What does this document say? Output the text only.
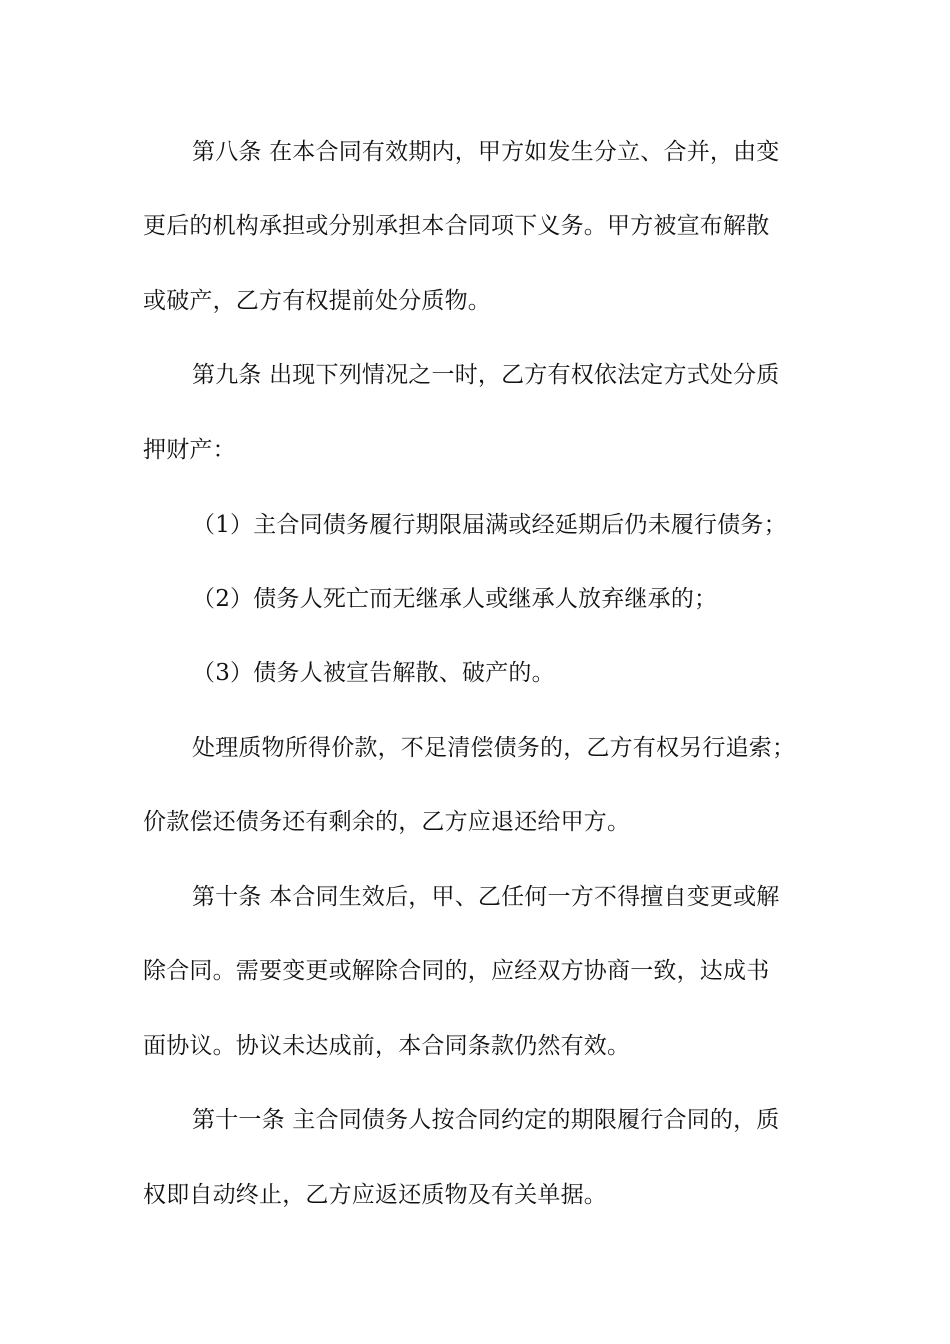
第八条 在本合同有效期内，甲方如发生分立、合并，由变
更后的机构承担或分别承担本合同项下义务。甲方被宣布解散
或破产，乙方有权提前处分质物。
第九条 出现下列情况之一时，乙方有权依法定方式处分质
押财产：
（1）主合同债务履行期限届满或经延期后仍未履行债务；
（2）债务人死亡而无继承人或继承人放弃继承的；
（3）债务人被宣告解散、破产的。
处理质物所得价款，不足清偿债务的，乙方有权另行追索；
价款偿还债务还有剩余的，乙方应退还给甲方。
第十条 本合同生效后，甲、乙任何一方不得擅自变更或解
除合同。需要变更或解除合同的，应经双方协商一致，达成书
面协议。协议未达成前，本合同条款仍然有效。
第十一条 主合同债务人按合同约定的期限履行合同的，质
权即自动终止，乙方应返还质物及有关单据。
